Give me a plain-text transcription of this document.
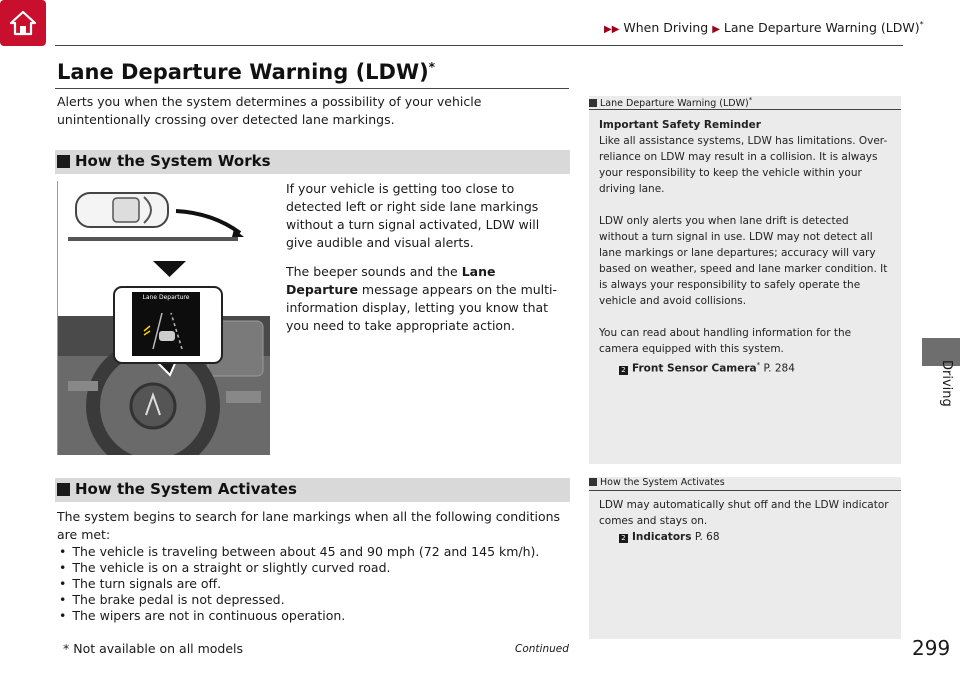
▶▶ When Driving ▶ Lane Departure Warning (LDW)*
Driving
Lane Departure Warning (LDW)*
Alerts you when the system determines a possibility of your vehicle unintentionally crossing over detected lane markings.
How the System Works
Lane Departure

If your vehicle is getting too close to detected left or right side lane markings without a turn signal activated, LDW will give audible and visual alerts.

The beeper sounds and the Lane Departure message appears on the multi-information display, letting you know that you need to take appropriate action.

How the System Activates
The system begins to search for lane markings when all the following conditions are met:
• The vehicle is traveling between about 45 and 90 mph (72 and 145 km/h).
• The vehicle is on a straight or slightly curved road.
• The turn signals are off.
• The brake pedal is not depressed.
• The wipers are not in continuous operation.
Lane Departure Warning (LDW)*
Important Safety Reminder

Like all assistance systems, LDW has limitations. Over-reliance on LDW may result in a collision. It is always your responsibility to keep the vehicle within your driving lane.

LDW only alerts you when lane drift is detected without a turn signal in use. LDW may not detect all lane markings or lane departures; accuracy will vary based on weather, speed and lane marker condition. It is always your responsibility to safely operate the vehicle and avoid collisions.

You can read about handling information for the camera equipped with this system.
2 Front Sensor Camera* P. 284
How the System Activates
LDW may automatically shut off and the LDW indicator comes and stays on.
2 Indicators P. 68
* Not available on all models	Continued	299
